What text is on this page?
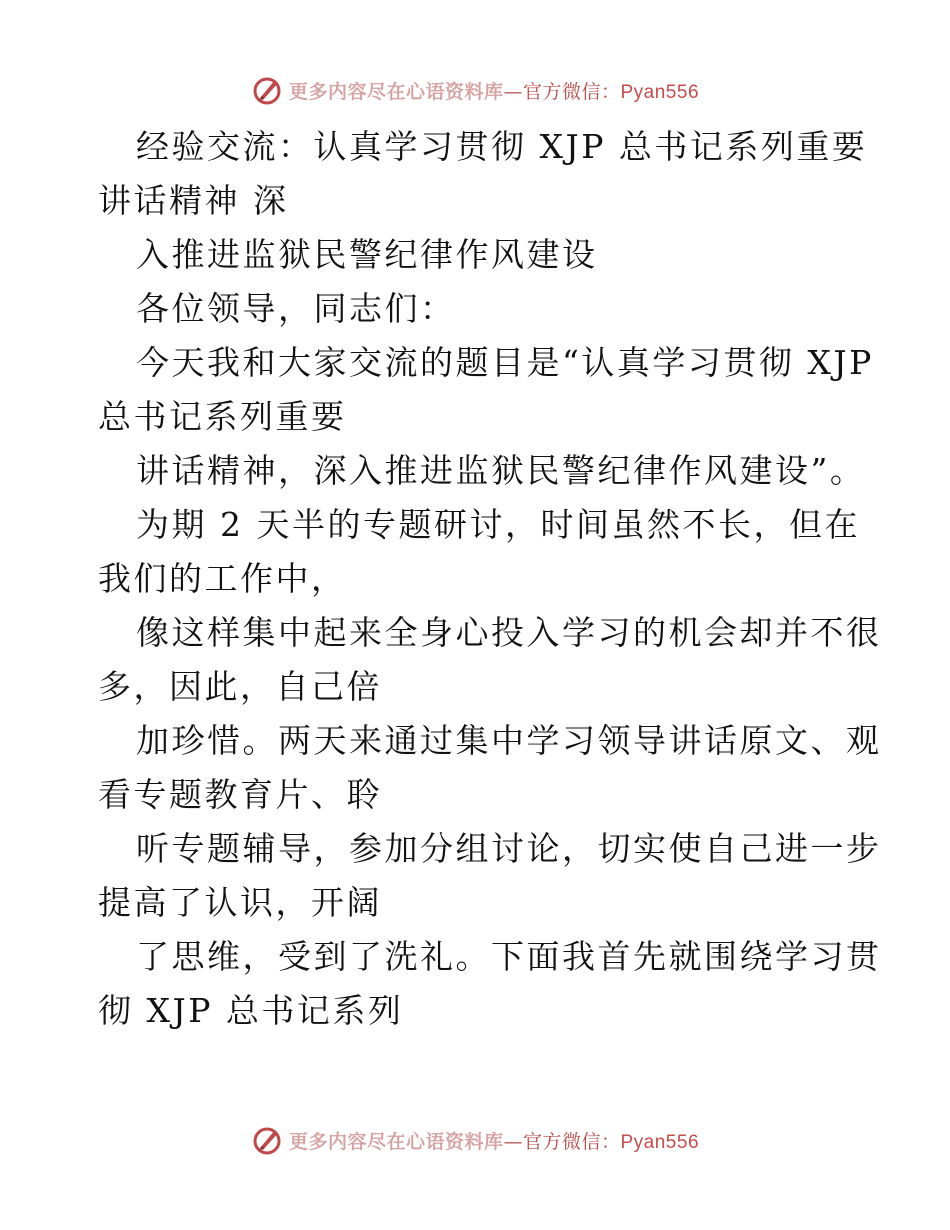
更多内容尽在心语资料库—官方微信：Pyan556
经验交流：认真学习贯彻 XJP 总书记系列重要
讲话精神 深
入推进监狱民警纪律作风建设
各位领导，同志们：
今天我和大家交流的题目是“认真学习贯彻 XJP
总书记系列重要
讲话精神，深入推进监狱民警纪律作风建设”。
为期 2 天半的专题研讨，时间虽然不长，但在
我们的工作中，
像这样集中起来全身心投入学习的机会却并不很
多，因此，自己倍
加珍惜。两天来通过集中学习领导讲话原文、观
看专题教育片、聆
听专题辅导，参加分组讨论，切实使自己进一步
提高了认识，开阔
了思维，受到了洗礼。下面我首先就围绕学习贯
彻 XJP 总书记系列
更多内容尽在心语资料库—官方微信：Pyan556
